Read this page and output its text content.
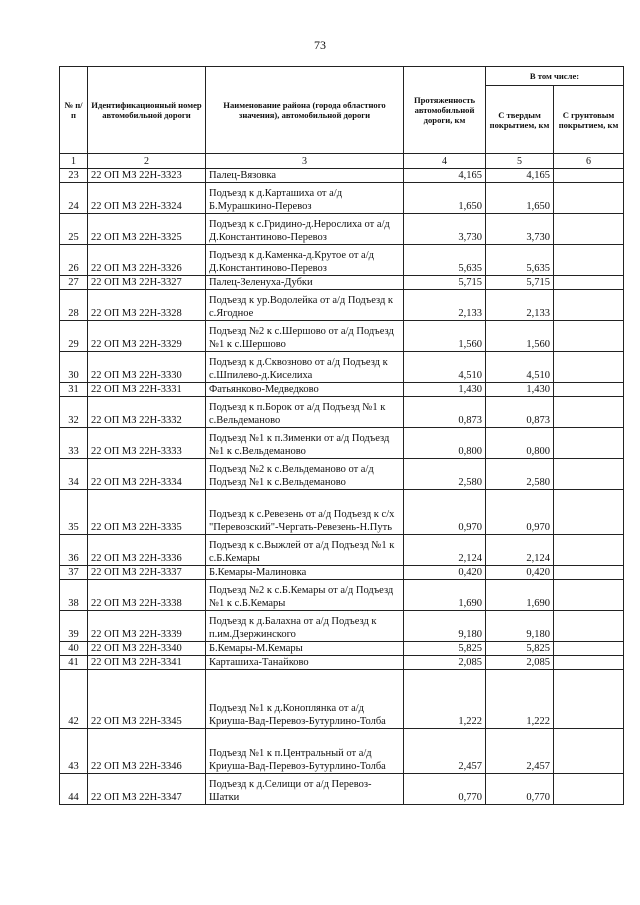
73
№ п/п	Идентификационный номер автомобильной дороги	Наименование района (города областного значения), автомобильной дороги	Протяженность автомобильной дороги, км	В том числе:	
				С твердым покрытием, км	С грунтовым покрытием, км
1	2	3	4	5	6
23	22 ОП МЗ 22Н-3323	Палец-Вязовка	4,165	4,165	
24	22 ОП МЗ 22Н-3324	Подъезд к д.Карташиха от а/д Б.Мурашкино-Перевоз	1,650	1,650	
25	22 ОП МЗ 22Н-3325	Подъезд к с.Гридино-д.Нерослиха от а/д Д.Константиново-Перевоз	3,730	3,730	
26	22 ОП МЗ 22Н-3326	Подъезд к д.Каменка-д.Крутое от а/д Д.Константиново-Перевоз	5,635	5,635	
27	22 ОП МЗ 22Н-3327	Палец-Зеленуха-Дубки	5,715	5,715	
28	22 ОП МЗ 22Н-3328	Подъезд к ур.Водолейка от а/д Подъезд к с.Ягодное	2,133	2,133	
29	22 ОП МЗ 22Н-3329	Подъезд №2 к с.Шершово от а/д Подъезд №1 к с.Шершово	1,560	1,560	
30	22 ОП МЗ 22Н-3330	Подъезд к д.Сквозново от а/д Подъезд к с.Шпилево-д.Киселиха	4,510	4,510	
31	22 ОП МЗ 22Н-3331	Фатьянково-Медведково	1,430	1,430	
32	22 ОП МЗ 22Н-3332	Подъезд к п.Борок от а/д Подъезд №1 к с.Вельдеманово	0,873	0,873	
33	22 ОП МЗ 22Н-3333	Подъезд №1 к п.Зименки от а/д Подъезд №1 к с.Вельдеманово	0,800	0,800	
34	22 ОП МЗ 22Н-3334	Подъезд №2 к с.Вельдеманово от а/д Подъезд №1 к с.Вельдеманово	2,580	2,580	
35	22 ОП МЗ 22Н-3335	Подъезд к с.Ревезень от а/д Подъезд к с/х "Перевозский"-Чергать-Ревезень-Н.Путь	0,970	0,970	
36	22 ОП МЗ 22Н-3336	Подъезд к с.Выжлей от а/д Подъезд №1 к с.Б.Кемары	2,124	2,124	
37	22 ОП МЗ 22Н-3337	Б.Кемары-Малиновка	0,420	0,420	
38	22 ОП МЗ 22Н-3338	Подъезд №2 к с.Б.Кемары от а/д Подъезд №1 к с.Б.Кемары	1,690	1,690	
39	22 ОП МЗ 22Н-3339	Подъезд к д.Балахна от а/д Подъезд к п.им.Дзержинского	9,180	9,180	
40	22 ОП МЗ 22Н-3340	Б.Кемары-М.Кемары	5,825	5,825	
41	22 ОП МЗ 22Н-3341	Карташиха-Танайково	2,085	2,085	
42	22 ОП МЗ 22Н-3345	Подъезд №1 к д.Коноплянка от а/д Криуша-Вад-Перевоз-Бутурлино-Толба	1,222	1,222	
43	22 ОП МЗ 22Н-3346	Подъезд №1 к п.Центральный от а/д Криуша-Вад-Перевоз-Бутурлино-Толба	2,457	2,457	
44	22 ОП МЗ 22Н-3347	Подъезд к д.Селищи от а/д Перевоз-Шатки	0,770	0,770	
